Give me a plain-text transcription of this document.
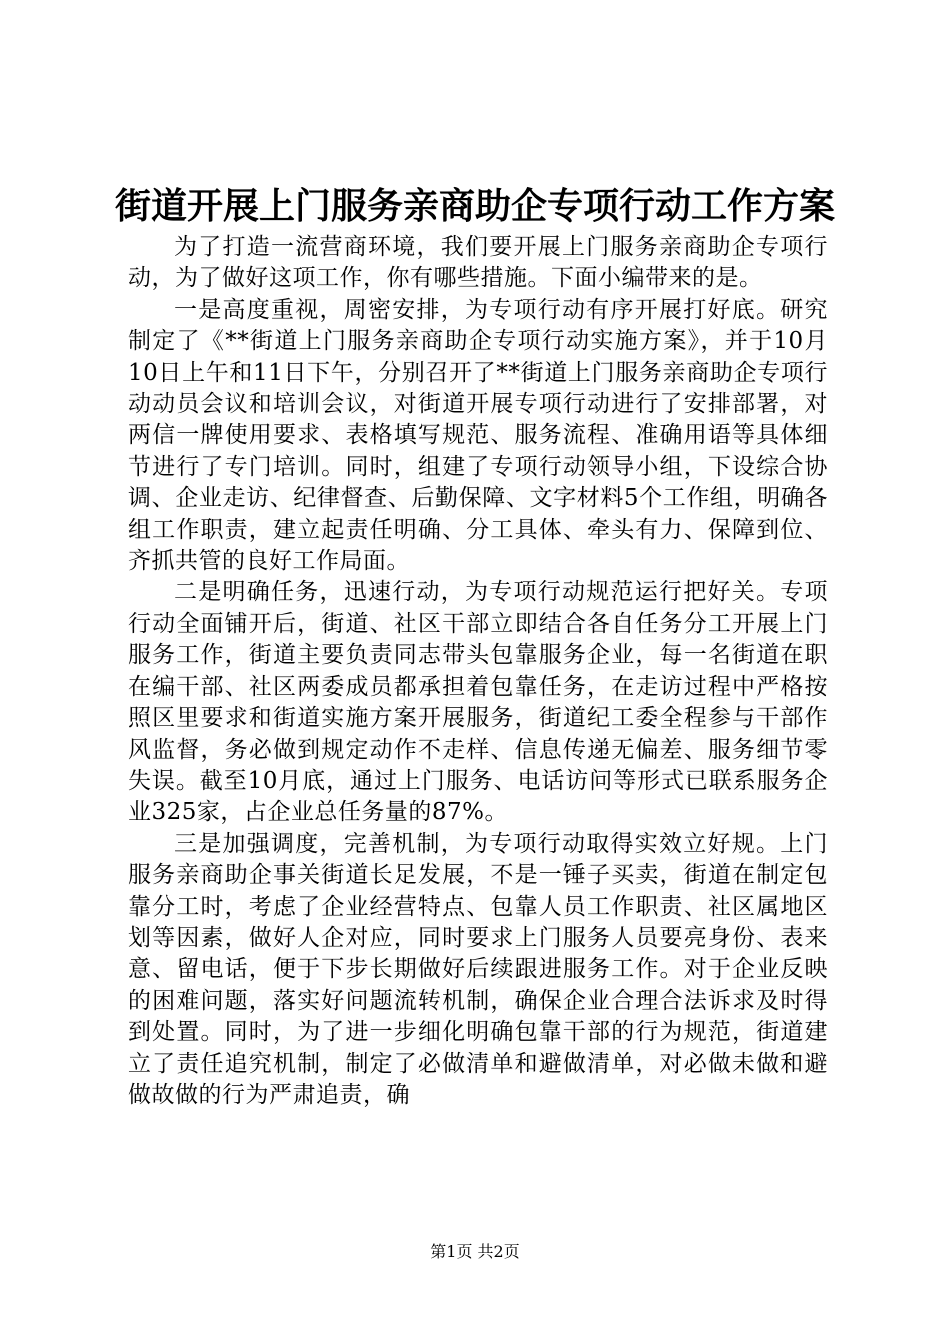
街道开展上门服务亲商助企专项行动工作方案

为了打造一流营商环境，我们要开展上门服务亲商助企专项行动，为了做好这项工作，你有哪些措施。下面小编带来的是。

一是高度重视，周密安排，为专项行动有序开展打好底。研究制定了《**街道上门服务亲商助企专项行动实施方案》，并于10月10日上午和11日下午，分别召开了**街道上门服务亲商助企专项行动动员会议和培训会议，对街道开展专项行动进行了安排部署，对两信一牌使用要求、表格填写规范、服务流程、准确用语等具体细节进行了专门培训。同时，组建了专项行动领导小组，下设综合协调、企业走访、纪律督查、后勤保障、文字材料5个工作组，明确各组工作职责，建立起责任明确、分工具体、牵头有力、保障到位、齐抓共管的良好工作局面。

二是明确任务，迅速行动，为专项行动规范运行把好关。专项行动全面铺开后，街道、社区干部立即结合各自任务分工开展上门服务工作，街道主要负责同志带头包靠服务企业，每一名街道在职在编干部、社区两委成员都承担着包靠任务，在走访过程中严格按照区里要求和街道实施方案开展服务，街道纪工委全程参与干部作风监督，务必做到规定动作不走样、信息传递无偏差、服务细节零失误。截至10月底，通过上门服务、电话访问等形式已联系服务企业325家，占企业总任务量的87%。

三是加强调度，完善机制，为专项行动取得实效立好规。上门服务亲商助企事关街道长足发展，不是一锤子买卖，街道在制定包靠分工时，考虑了企业经营特点、包靠人员工作职责、社区属地区划等因素，做好人企对应，同时要求上门服务人员要亮身份、表来意、留电话，便于下步长期做好后续跟进服务工作。对于企业反映的困难问题，落实好问题流转机制，确保企业合理合法诉求及时得到处置。同时，为了进一步细化明确包靠干部的行为规范，街道建立了责任追究机制，制定了必做清单和避做清单，对必做未做和避做故做的行为严肃追责，确

第1页 共2页
